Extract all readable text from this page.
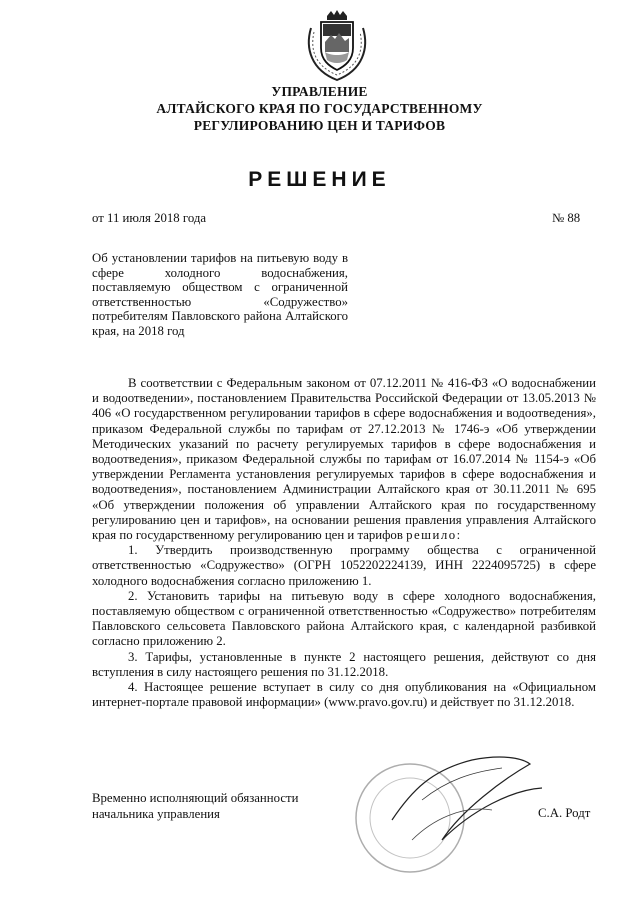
УПРАВЛЕНИЕ
АЛТАЙСКОГО КРАЯ ПО ГОСУДАРСТВЕННОМУ
РЕГУЛИРОВАНИЮ ЦЕН И ТАРИФОВ
РЕШЕНИЕ
от 11 июля 2018 года	№ 88
Об установлении тарифов на питьевую воду в сфере холодного водоснабжения, поставляемую обществом с ограниченной ответственностью «Содружество» потребителям Павловского района Алтайского края, на 2018 год

В соответствии с Федеральным законом от 07.12.2011 № 416-ФЗ «О водоснабжении и водоотведении», постановлением Правительства Российской Федерации от 13.05.2013 № 406 «О государственном регулировании тарифов в сфере водоснабжения и водоотведения», приказом Федеральной службы по тарифам от 27.12.2013 № 1746-э «Об утверждении Методических указаний по расчету регулируемых тарифов в сфере водоснабжения и водоотведения», приказом Федеральной службы по тарифам от 16.07.2014 № 1154-э «Об утверждении Регламента установления регулируемых тарифов в сфере водоснабжения и водоотведения», постановлением Администрации Алтайского края от 30.11.2011 № 695 «Об утверждении положения об управлении Алтайского края по государственному регулированию цен и тарифов», на основании решения правления управления Алтайского края по государственному регулированию цен и тарифов решило:

1. Утвердить производственную программу общества с ограниченной ответственностью «Содружество» (ОГРН 1052202224139, ИНН 2224095725) в сфере холодного водоснабжения согласно приложению 1.

2. Установить тарифы на питьевую воду в сфере холодного водоснабжения, поставляемую обществом с ограниченной ответственностью «Содружество» потребителям Павловского сельсовета Павловского района Алтайского края, с календарной разбивкой согласно приложению 2.

3. Тарифы, установленные в пункте 2 настоящего решения, действуют со дня вступления в силу настоящего решения по 31.12.2018.

4. Настоящее решение вступает в силу со дня опубликования на «Официальном интернет-портале правовой информации» (www.pravo.gov.ru) и действует по 31.12.2018.

Временно исполняющий обязанности
начальника управления	С.А. Родт
